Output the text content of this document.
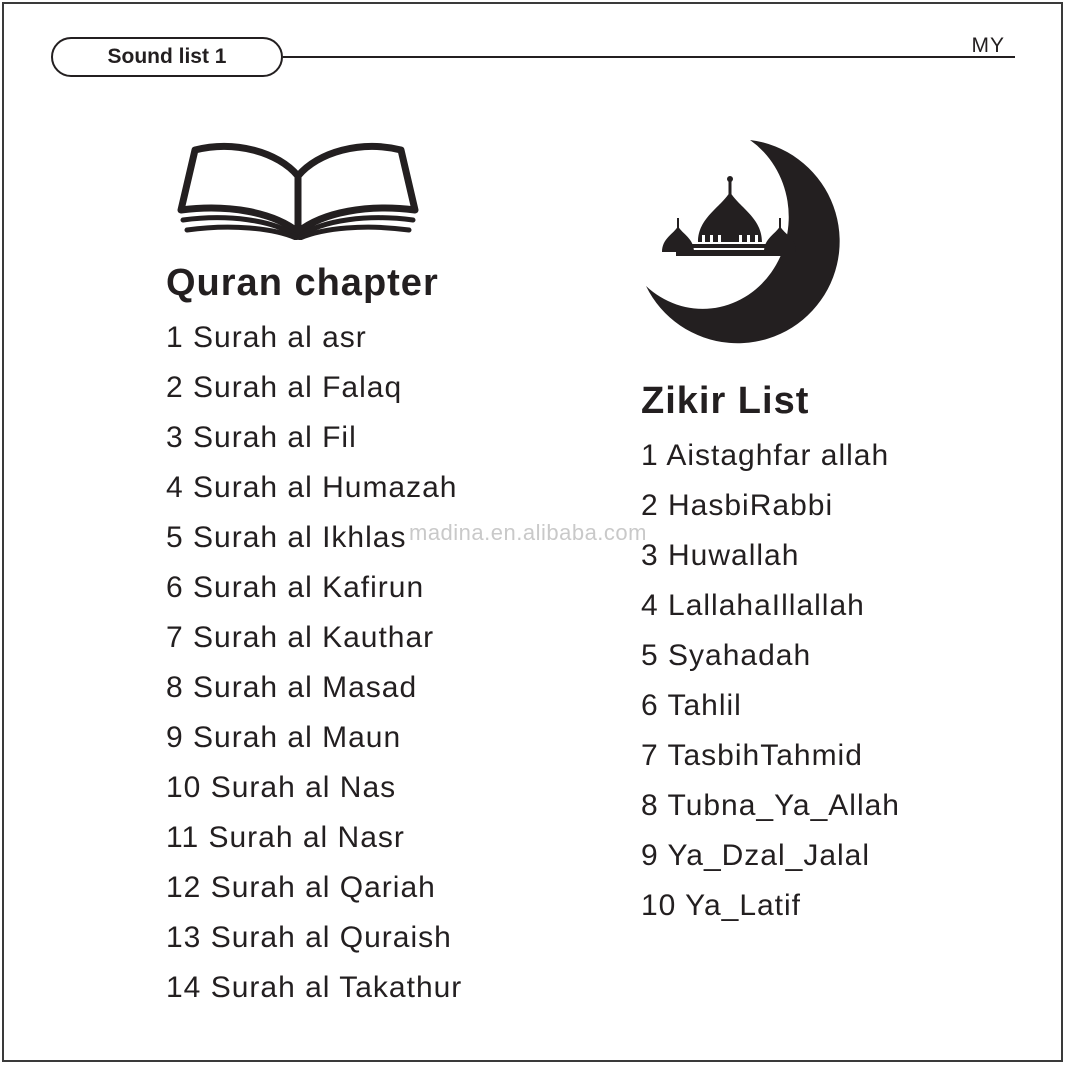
Sound list 1	MY
Quran chapter
1 Surah al asr
2 Surah al Falaq
3 Surah al Fil
4 Surah al Humazah
5 Surah al Ikhlas
6 Surah al Kafirun
7 Surah al Kauthar
8 Surah al Masad
9 Surah al Maun
10 Surah al Nas
11 Surah al Nasr
12 Surah al Qariah
13 Surah al Quraish
14 Surah al Takathur
Zikir List
1 Aistaghfar allah
2 HasbiRabbi
3 Huwallah
4 LallahaIllallah
5 Syahadah
6 Tahlil
7 TasbihTahmid
8 Tubna_Ya_Allah
9 Ya_Dzal_Jalal
10 Ya_Latif
madina.en.alibaba.com
